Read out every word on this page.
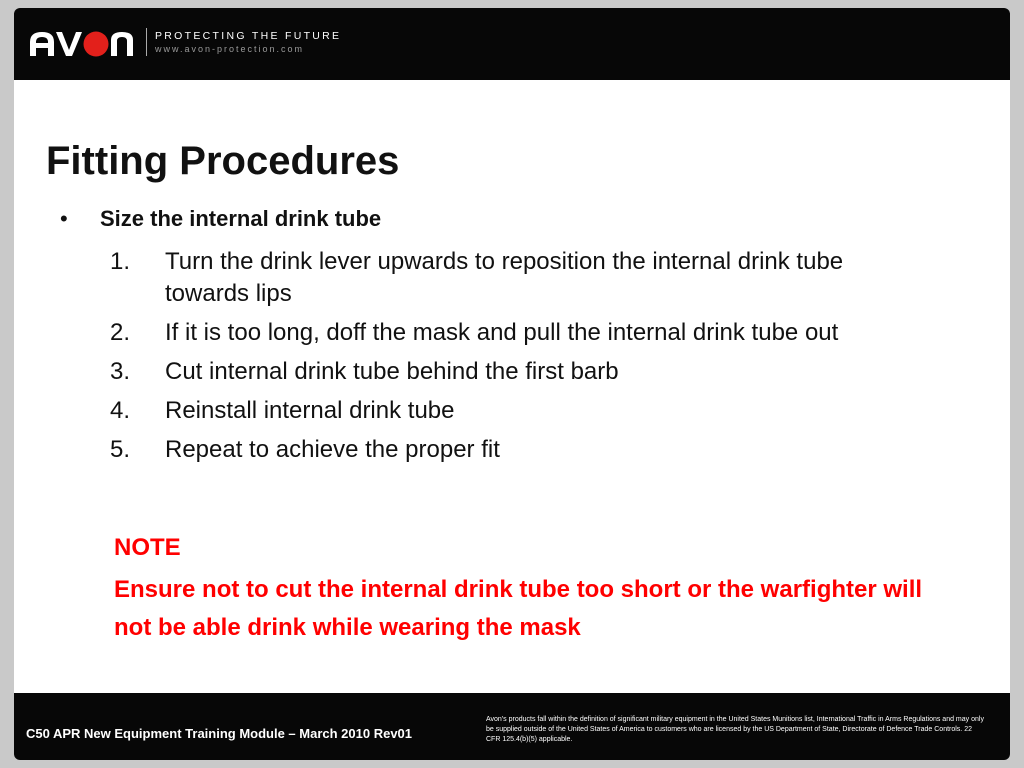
PROTECTING THE FUTURE
www.avon-protection.com
Fitting Procedures
•	Size the internal drink tube
1.	Turn the drink lever upwards to reposition the internal drink tube towards lips
2.	If it is too long, doff the mask and pull the internal drink tube out
3.	Cut internal drink tube behind the first barb
4.	Reinstall internal drink tube
5.	Repeat to achieve the proper fit
NOTE
Ensure not to cut the internal drink tube too short or the warfighter will not be able drink while wearing the mask
C50 APR New Equipment Training Module – March 2010 Rev01
Avon's products fall within the definition of significant military equipment in the United States Munitions list, International Traffic in Arms Regulations and may only be supplied outside of the United States of America to customers who are licensed by the US Department of State, Directorate of Defence Trade Controls. 22 CFR 125.4(b)(5) applicable.
